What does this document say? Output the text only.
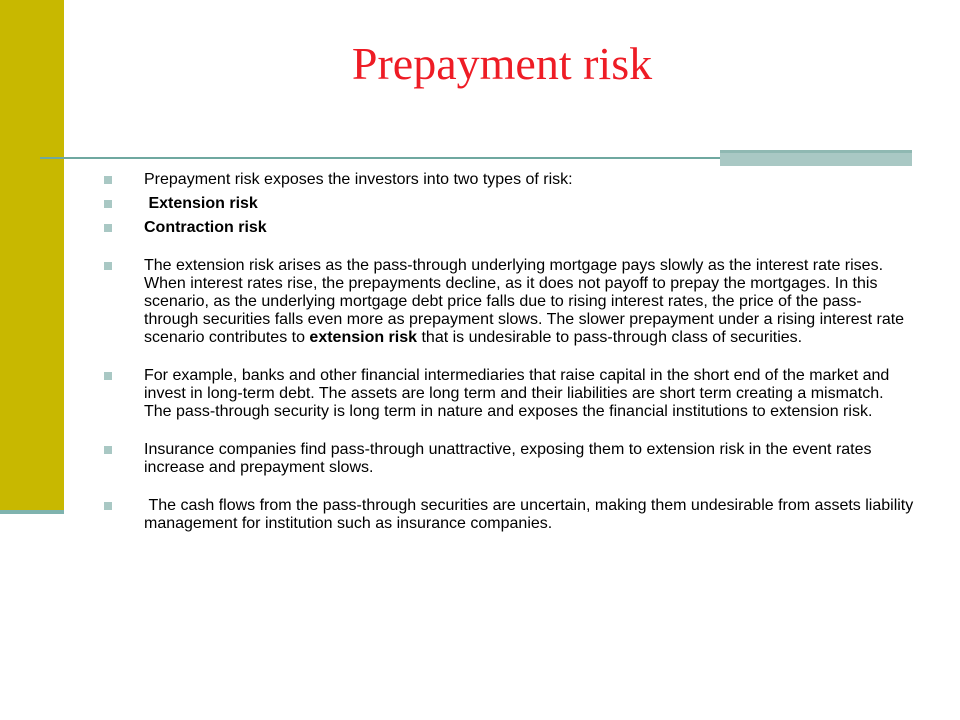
Prepayment risk

Prepayment risk exposes the investors into two types of risk:

Extension risk

Contraction risk

The extension risk arises as the pass-through underlying mortgage pays slowly as the interest rate rises. When interest rates rise, the prepayments decline, as it does not payoff to prepay the mortgages. In this scenario, as the underlying mortgage debt price falls due to rising interest rates, the price of the pass-through securities falls even more as prepayment slows. The slower prepayment under a rising interest rate scenario contributes to extension risk that is undesirable to pass-through class of securities.

For example, banks and other financial intermediaries that raise capital in the short end of the market and invest in long-term debt. The assets are long term and their liabilities are short term creating a mismatch. The pass-through security is long term in nature and exposes the financial institutions to extension risk.

Insurance companies find pass-through unattractive, exposing them to extension risk in the event rates increase and prepayment slows.

The cash flows from the pass-through securities are uncertain, making them undesirable from assets liability management for institution such as insurance companies.
